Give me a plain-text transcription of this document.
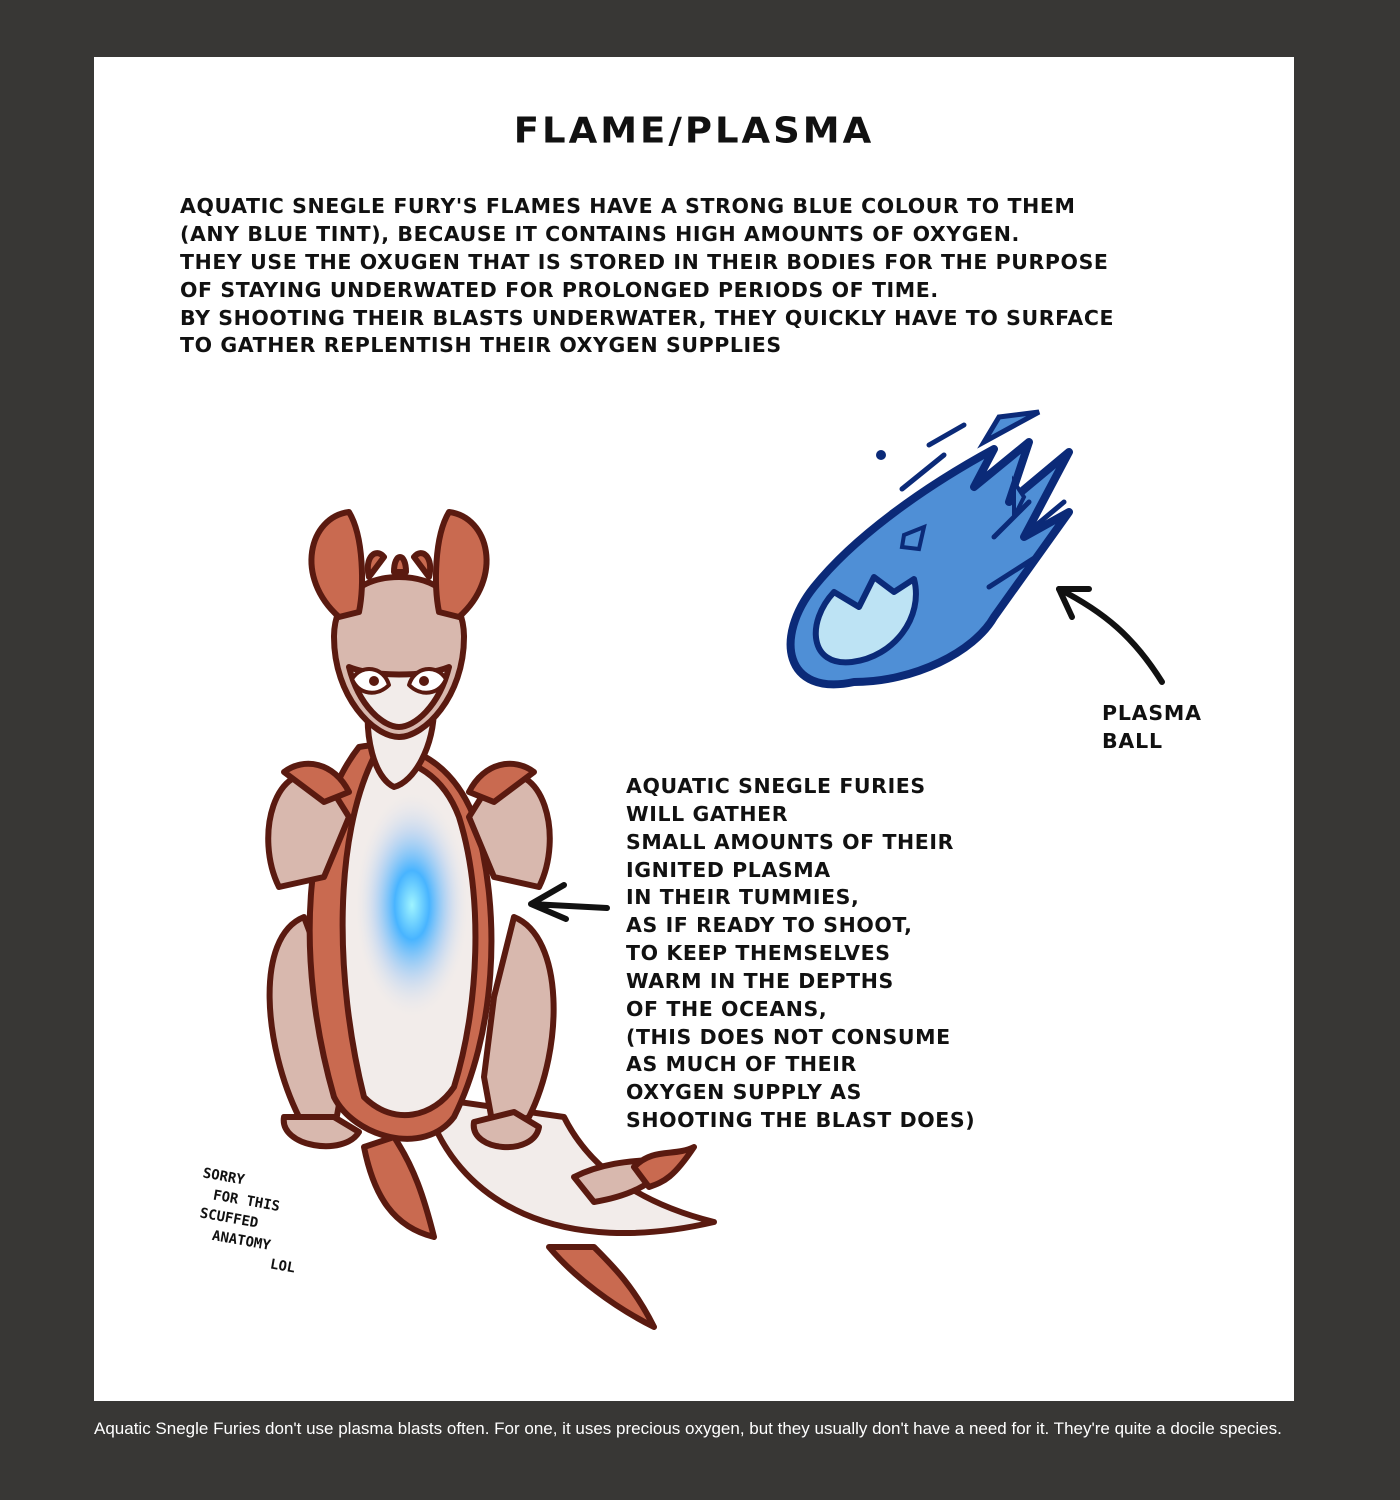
SORRY
FOR THIS
SCUFFED
ANATOMY
LOL
FLAME/PLASMA
AQUATIC SNEGLE FURY'S FLAMES HAVE A STRONG BLUE COLOUR TO THEM
(ANY BLUE TINT), BECAUSE IT CONTAINS HIGH AMOUNTS OF OXYGEN.
THEY USE THE OXUGEN THAT IS STORED IN THEIR BODIES FOR THE PURPOSE
OF STAYING UNDERWATED FOR PROLONGED PERIODS OF TIME.
BY SHOOTING THEIR BLASTS UNDERWATER, THEY QUICKLY HAVE TO SURFACE
TO GATHER REPLENTISH THEIR OXYGEN SUPPLIES
PLASMA
BALL
AQUATIC SNEGLE FURIES
WILL GATHER
SMALL AMOUNTS OF THEIR
IGNITED PLASMA
IN THEIR TUMMIES,
AS IF READY TO SHOOT,
TO KEEP THEMSELVES
WARM IN THE DEPTHS
OF THE OCEANS,
(THIS DOES NOT CONSUME
AS MUCH OF THEIR
OXYGEN SUPPLY AS
SHOOTING THE BLAST DOES)
Aquatic Snegle Furies don't use plasma blasts often. For one, it uses precious oxygen, but they usually don't have a need for it. They're quite a docile species.
